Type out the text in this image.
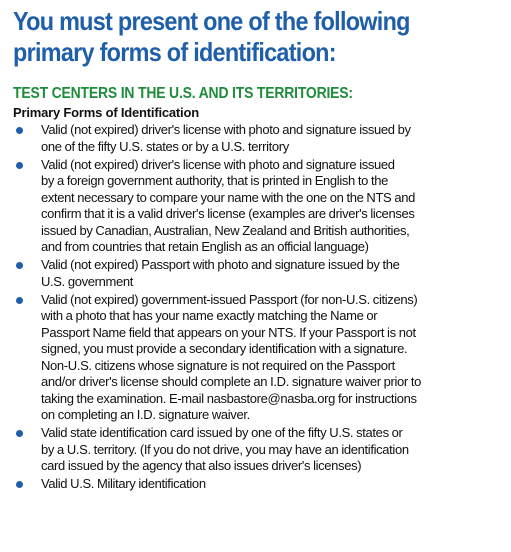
You must present one of the following
primary forms of identification:
TEST CENTERS IN THE U.S. AND ITS TERRITORIES:
Primary Forms of Identification
Valid (not expired) driver's license with photo and signature issued by
one of the fifty U.S. states or by a U.S. territory
Valid (not expired) driver's license with photo and signature issued
by a foreign government authority, that is printed in English to the
extent necessary to compare your name with the one on the NTS and
confirm that it is a valid driver's license (examples are driver's licenses
issued by Canadian, Australian, New Zealand and British authorities,
and from countries that retain English as an official language)
Valid (not expired) Passport with photo and signature issued by the
U.S. government
Valid (not expired) government-issued Passport (for non-U.S. citizens)
with a photo that has your name exactly matching the Name or
Passport Name field that appears on your NTS. If your Passport is not
signed, you must provide a secondary identification with a signature.
Non-U.S. citizens whose signature is not required on the Passport
and/or driver's license should complete an I.D. signature waiver prior to
taking the examination. E-mail nasbastore@nasba.org for instructions
on completing an I.D. signature waiver.
Valid state identification card issued by one of the fifty U.S. states or
by a U.S. territory. (If you do not drive, you may have an identification
card issued by the agency that also issues driver's licenses)
Valid U.S. Military identification
